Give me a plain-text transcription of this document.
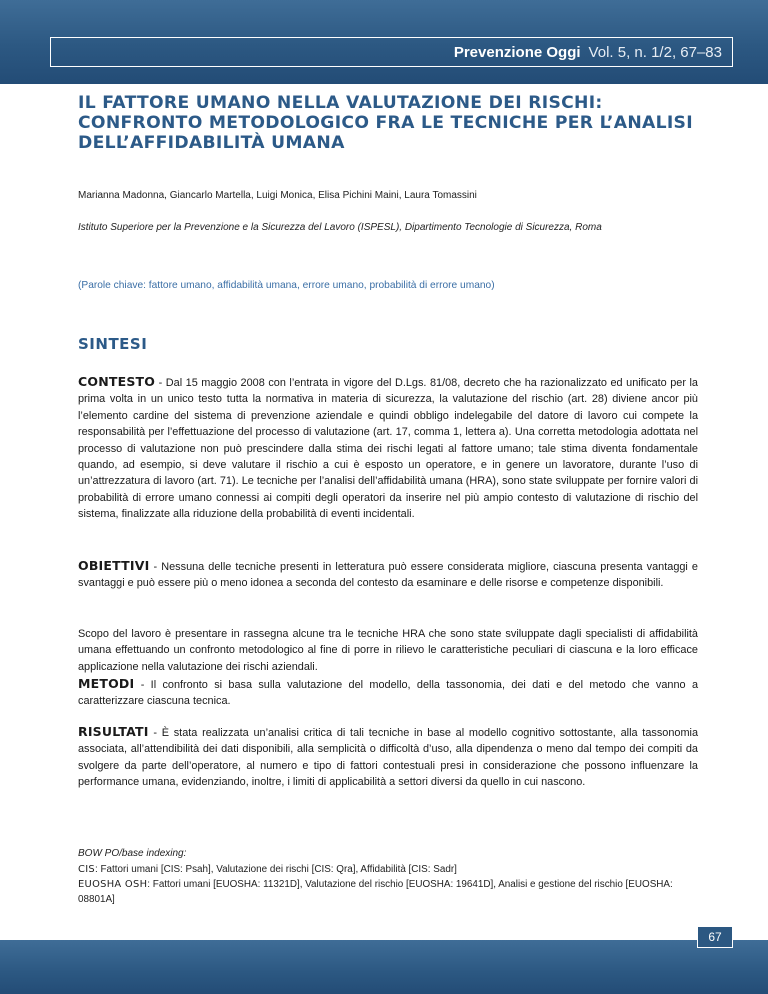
Prevenzione Oggi Vol. 5, n. 1/2, 67–83
IL FATTORE UMANO NELLA VALUTAZIONE DEI RISCHI: CONFRONTO METODOLOGICO FRA LE TECNICHE PER L’ANALISI DELL’AFFIDABILITÀ UMANA
Marianna Madonna, Giancarlo Martella, Luigi Monica, Elisa Pichini Maini, Laura Tomassini
Istituto Superiore per la Prevenzione e la Sicurezza del Lavoro (ISPESL), Dipartimento Tecnologie di Sicurezza, Roma
(Parole chiave: fattore umano, affidabilità umana, errore umano, probabilità di errore umano)
SINTESI
CONTESTO - Dal 15 maggio 2008 con l’entrata in vigore del D.Lgs. 81/08, decreto che ha razionalizzato ed unificato per la prima volta in un unico testo tutta la normativa in materia di sicurezza, la valutazione del rischio (art. 28) diviene ancor più l’elemento cardine del sistema di prevenzione aziendale e quindi obbligo indelegabile del datore di lavoro cui compete la responsabilità per l’effettuazione del processo di valutazione (art. 17, comma 1, lettera a). Una corretta metodologia adottata nel processo di valutazione non può prescindere dalla stima dei rischi legati al fattore umano; tale stima diventa fondamentale quando, ad esempio, si deve valutare il rischio a cui è esposto un operatore, e in genere un lavoratore, durante l’uso di un’attrezzatura di lavoro (art. 71). Le tecniche per l’analisi dell’affidabilità umana (HRA), sono state sviluppate per fornire valori di probabilità di errore umano connessi ai compiti degli operatori da inserire nel più ampio contesto di valutazione di rischio del sistema, finalizzate alla riduzione della probabilità di eventi incidentali.
OBIETTIVI - Nessuna delle tecniche presenti in letteratura può essere considerata migliore, ciascuna presenta vantaggi e svantaggi e può essere più o meno idonea a seconda del contesto da esaminare e delle risorse e competenze disponibili.
Scopo del lavoro è presentare in rassegna alcune tra le tecniche HRA che sono state sviluppate dagli specialisti di affidabilità umana effettuando un confronto metodologico al fine di porre in rilievo le caratteristiche peculiari di ciascuna e la loro efficace applicazione nella valutazione dei rischi aziendali.
METODI - Il confronto si basa sulla valutazione del modello, della tassonomia, dei dati e del metodo che vanno a caratterizzare ciascuna tecnica.
RISULTATI - È stata realizzata un’analisi critica di tali tecniche in base al modello cognitivo sottostante, alla tassonomia associata, all’attendibilità dei dati disponibili, alla semplicità o difficoltà d’uso, alla dipendenza o meno dal tempo dei compiti da svolgere da parte dell’operatore, al numero e tipo di fattori contestuali presi in considerazione che possono influenzare la performance umana, evidenziando, inoltre, i limiti di applicabilità a settori diversi da quello in cui nascono.
BOW PO/base indexing:
CIS: Fattori umani [CIS: Psah], Valutazione dei rischi [CIS: Qra], Affidabilità [CIS: Sadr]
EUOSHA OSH: Fattori umani [EUOSHA: 11321D], Valutazione del rischio [EUOSHA: 19641D], Analisi e gestione del rischio [EUOSHA: 08801A]
67
